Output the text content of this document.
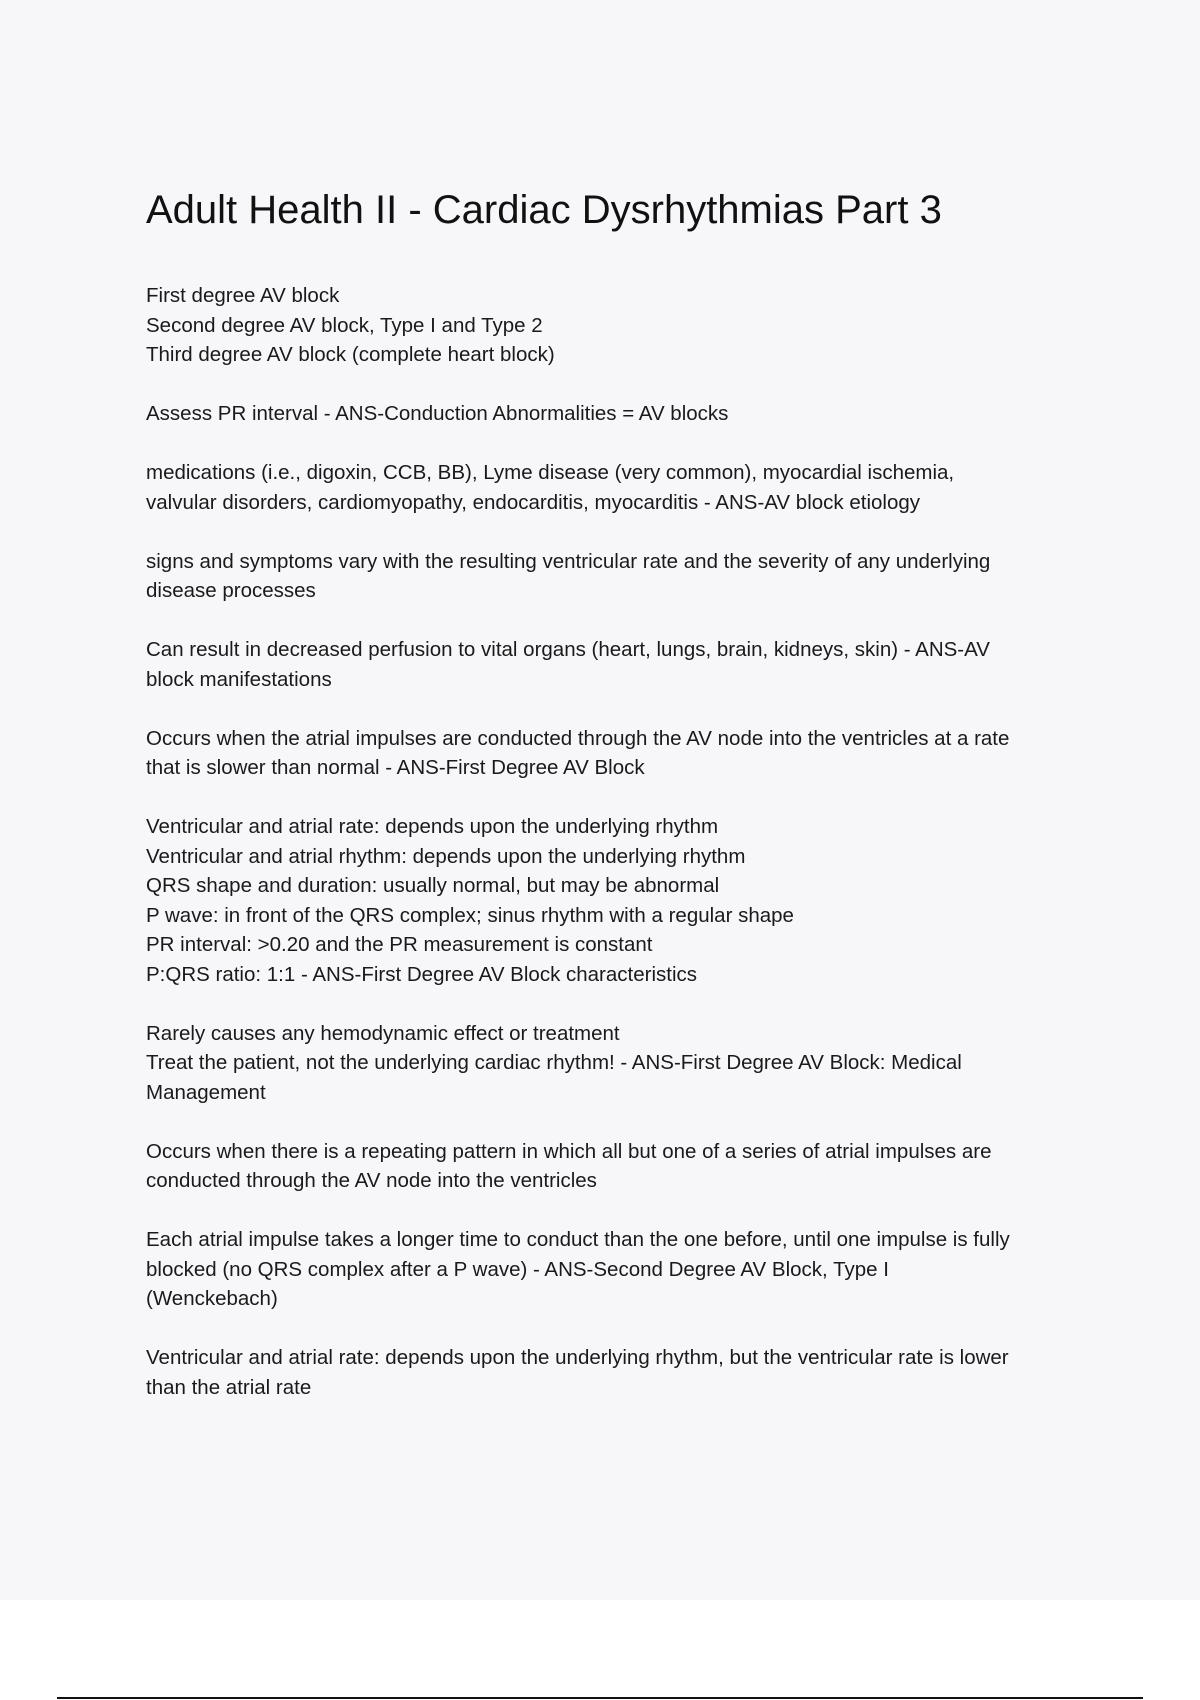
Adult Health II - Cardiac Dysrhythmias Part 3

First degree AV block
Second degree AV block, Type I and Type 2
Third degree AV block (complete heart block)

Assess PR interval - ANS-Conduction Abnormalities = AV blocks

medications (i.e., digoxin, CCB, BB), Lyme disease (very common), myocardial ischemia,
valvular disorders, cardiomyopathy, endocarditis, myocarditis - ANS-AV block etiology

signs and symptoms vary with the resulting ventricular rate and the severity of any underlying
disease processes

Can result in decreased perfusion to vital organs (heart, lungs, brain, kidneys, skin) - ANS-AV
block manifestations

Occurs when the atrial impulses are conducted through the AV node into the ventricles at a rate
that is slower than normal - ANS-First Degree AV Block

Ventricular and atrial rate: depends upon the underlying rhythm
Ventricular and atrial rhythm: depends upon the underlying rhythm
QRS shape and duration: usually normal, but may be abnormal
P wave: in front of the QRS complex; sinus rhythm with a regular shape
PR interval: >0.20 and the PR measurement is constant
P:QRS ratio: 1:1 - ANS-First Degree AV Block characteristics

Rarely causes any hemodynamic effect or treatment
Treat the patient, not the underlying cardiac rhythm! - ANS-First Degree AV Block: Medical
Management

Occurs when there is a repeating pattern in which all but one of a series of atrial impulses are
conducted through the AV node into the ventricles

Each atrial impulse takes a longer time to conduct than the one before, until one impulse is fully
blocked (no QRS complex after a P wave) - ANS-Second Degree AV Block, Type I
(Wenckebach)

Ventricular and atrial rate: depends upon the underlying rhythm, but the ventricular rate is lower
than the atrial rate
